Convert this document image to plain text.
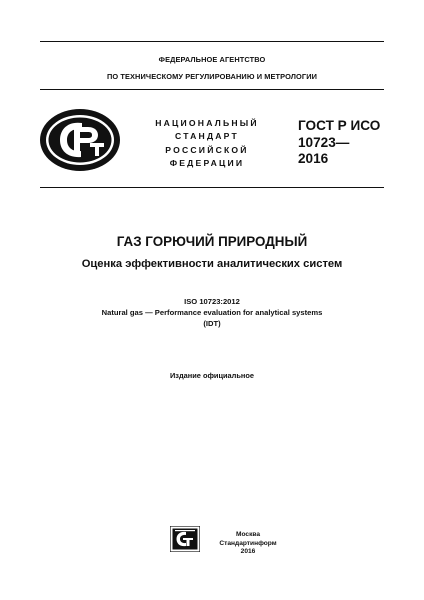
ФЕДЕРАЛЬНОЕ АГЕНТСТВО
ПО ТЕХНИЧЕСКОМУ РЕГУЛИРОВАНИЮ И МЕТРОЛОГИИ
НАЦИОНАЛЬНЫЙ
СТАНДАРТ
РОССИЙСКОЙ
ФЕДЕРАЦИИ
ГОСТ Р ИСО
10723—
2016
ГАЗ ГОРЮЧИЙ ПРИРОДНЫЙ
Оценка эффективности аналитических систем
ISO 10723:2012
Natural gas — Performance evaluation for analytical systems
(IDT)
Издание официальное
Москва
Стандартинформ
2016
